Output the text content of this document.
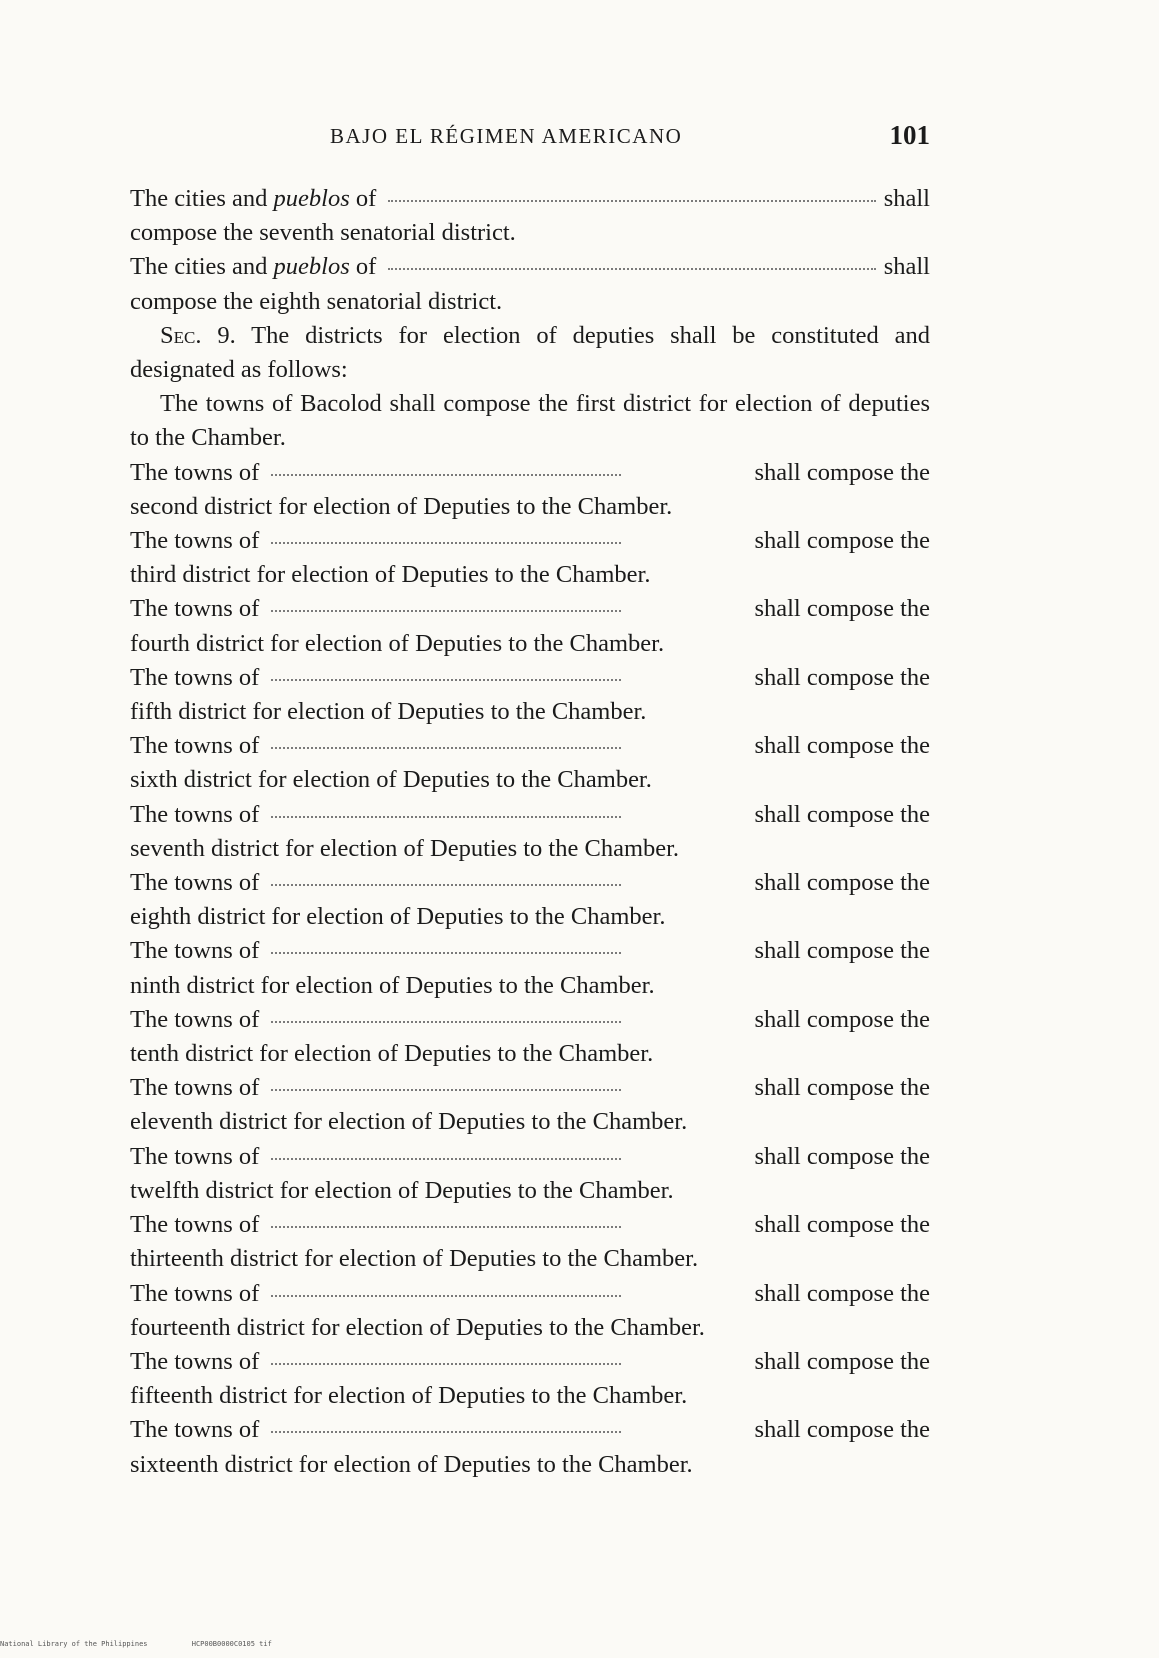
BAJO EL RÉGIMEN AMERICANO	101

The cities and pueblos of	shall

compose the seventh senatorial district.

The cities and pueblos of	shall

compose the eighth senatorial district.

Sec. 9. The districts for election of deputies shall be constituted and designated as follows:

The towns of Bacolod shall compose the first district for election of deputies to the Chamber.

The towns of	shall compose the

second district for election of Deputies to the Chamber.

The towns of	shall compose the

third district for election of Deputies to the Chamber.

The towns of	shall compose the

fourth district for election of Deputies to the Chamber.

The towns of	shall compose the

fifth district for election of Deputies to the Chamber.

The towns of	shall compose the

sixth district for election of Deputies to the Chamber.

The towns of	shall compose the

seventh district for election of Deputies to the Chamber.

The towns of	shall compose the

eighth district for election of Deputies to the Chamber.

The towns of	shall compose the

ninth district for election of Deputies to the Chamber.

The towns of	shall compose the

tenth district for election of Deputies to the Chamber.

The towns of	shall compose the

eleventh district for election of Deputies to the Chamber.

The towns of	shall compose the

twelfth district for election of Deputies to the Chamber.

The towns of	shall compose the

thirteenth district for election of Deputies to the Chamber.

The towns of	shall compose the

fourteenth district for election of Deputies to the Chamber.

The towns of	shall compose the

fifteenth district for election of Deputies to the Chamber.

The towns of	shall compose the

sixteenth district for election of Deputies to the Chamber.

National Library of the Philippines	HCP00B0000C0105 tif
